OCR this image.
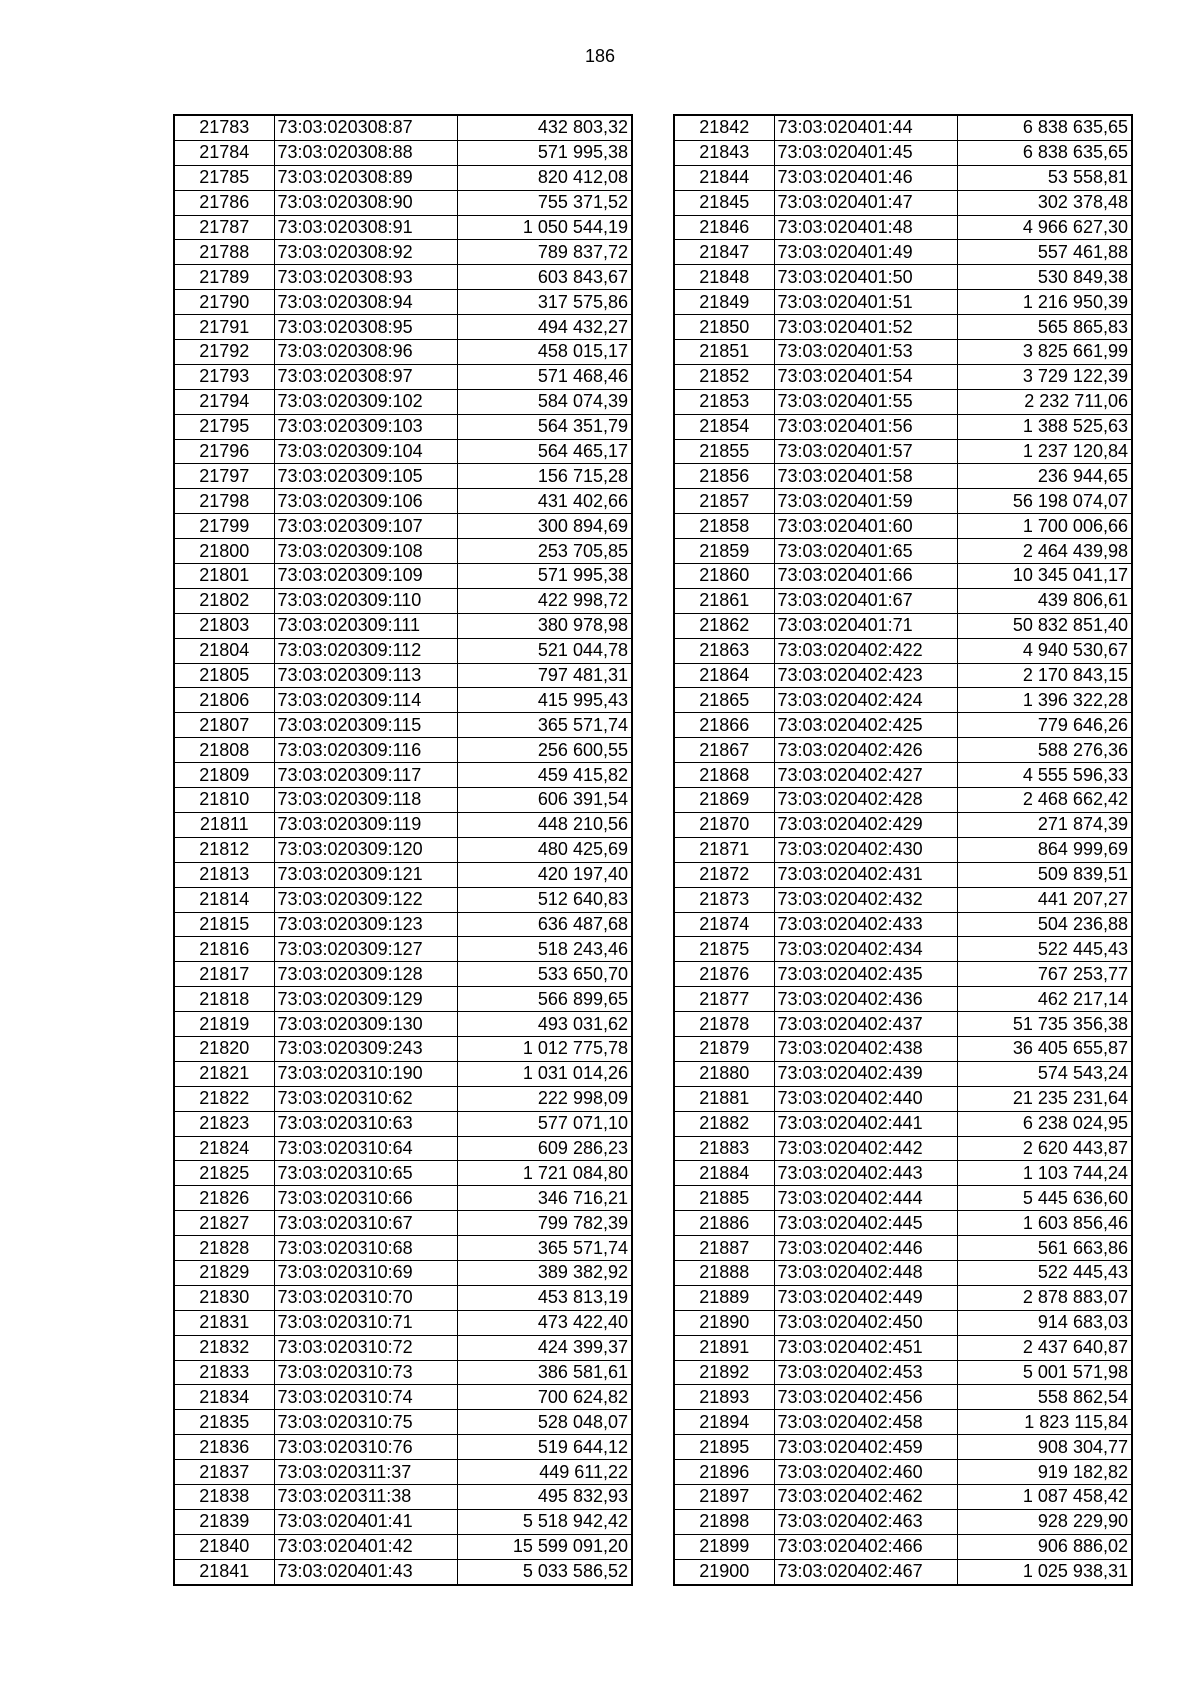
186
21783	73:03:020308:87	432 803,32
21784	73:03:020308:88	571 995,38
21785	73:03:020308:89	820 412,08
21786	73:03:020308:90	755 371,52
21787	73:03:020308:91	1 050 544,19
21788	73:03:020308:92	789 837,72
21789	73:03:020308:93	603 843,67
21790	73:03:020308:94	317 575,86
21791	73:03:020308:95	494 432,27
21792	73:03:020308:96	458 015,17
21793	73:03:020308:97	571 468,46
21794	73:03:020309:102	584 074,39
21795	73:03:020309:103	564 351,79
21796	73:03:020309:104	564 465,17
21797	73:03:020309:105	156 715,28
21798	73:03:020309:106	431 402,66
21799	73:03:020309:107	300 894,69
21800	73:03:020309:108	253 705,85
21801	73:03:020309:109	571 995,38
21802	73:03:020309:110	422 998,72
21803	73:03:020309:111	380 978,98
21804	73:03:020309:112	521 044,78
21805	73:03:020309:113	797 481,31
21806	73:03:020309:114	415 995,43
21807	73:03:020309:115	365 571,74
21808	73:03:020309:116	256 600,55
21809	73:03:020309:117	459 415,82
21810	73:03:020309:118	606 391,54
21811	73:03:020309:119	448 210,56
21812	73:03:020309:120	480 425,69
21813	73:03:020309:121	420 197,40
21814	73:03:020309:122	512 640,83
21815	73:03:020309:123	636 487,68
21816	73:03:020309:127	518 243,46
21817	73:03:020309:128	533 650,70
21818	73:03:020309:129	566 899,65
21819	73:03:020309:130	493 031,62
21820	73:03:020309:243	1 012 775,78
21821	73:03:020310:190	1 031 014,26
21822	73:03:020310:62	222 998,09
21823	73:03:020310:63	577 071,10
21824	73:03:020310:64	609 286,23
21825	73:03:020310:65	1 721 084,80
21826	73:03:020310:66	346 716,21
21827	73:03:020310:67	799 782,39
21828	73:03:020310:68	365 571,74
21829	73:03:020310:69	389 382,92
21830	73:03:020310:70	453 813,19
21831	73:03:020310:71	473 422,40
21832	73:03:020310:72	424 399,37
21833	73:03:020310:73	386 581,61
21834	73:03:020310:74	700 624,82
21835	73:03:020310:75	528 048,07
21836	73:03:020310:76	519 644,12
21837	73:03:020311:37	449 611,22
21838	73:03:020311:38	495 832,93
21839	73:03:020401:41	5 518 942,42
21840	73:03:020401:42	15 599 091,20
21841	73:03:020401:43	5 033 586,52
21842	73:03:020401:44	6 838 635,65
21843	73:03:020401:45	6 838 635,65
21844	73:03:020401:46	53 558,81
21845	73:03:020401:47	302 378,48
21846	73:03:020401:48	4 966 627,30
21847	73:03:020401:49	557 461,88
21848	73:03:020401:50	530 849,38
21849	73:03:020401:51	1 216 950,39
21850	73:03:020401:52	565 865,83
21851	73:03:020401:53	3 825 661,99
21852	73:03:020401:54	3 729 122,39
21853	73:03:020401:55	2 232 711,06
21854	73:03:020401:56	1 388 525,63
21855	73:03:020401:57	1 237 120,84
21856	73:03:020401:58	236 944,65
21857	73:03:020401:59	56 198 074,07
21858	73:03:020401:60	1 700 006,66
21859	73:03:020401:65	2 464 439,98
21860	73:03:020401:66	10 345 041,17
21861	73:03:020401:67	439 806,61
21862	73:03:020401:71	50 832 851,40
21863	73:03:020402:422	4 940 530,67
21864	73:03:020402:423	2 170 843,15
21865	73:03:020402:424	1 396 322,28
21866	73:03:020402:425	779 646,26
21867	73:03:020402:426	588 276,36
21868	73:03:020402:427	4 555 596,33
21869	73:03:020402:428	2 468 662,42
21870	73:03:020402:429	271 874,39
21871	73:03:020402:430	864 999,69
21872	73:03:020402:431	509 839,51
21873	73:03:020402:432	441 207,27
21874	73:03:020402:433	504 236,88
21875	73:03:020402:434	522 445,43
21876	73:03:020402:435	767 253,77
21877	73:03:020402:436	462 217,14
21878	73:03:020402:437	51 735 356,38
21879	73:03:020402:438	36 405 655,87
21880	73:03:020402:439	574 543,24
21881	73:03:020402:440	21 235 231,64
21882	73:03:020402:441	6 238 024,95
21883	73:03:020402:442	2 620 443,87
21884	73:03:020402:443	1 103 744,24
21885	73:03:020402:444	5 445 636,60
21886	73:03:020402:445	1 603 856,46
21887	73:03:020402:446	561 663,86
21888	73:03:020402:448	522 445,43
21889	73:03:020402:449	2 878 883,07
21890	73:03:020402:450	914 683,03
21891	73:03:020402:451	2 437 640,87
21892	73:03:020402:453	5 001 571,98
21893	73:03:020402:456	558 862,54
21894	73:03:020402:458	1 823 115,84
21895	73:03:020402:459	908 304,77
21896	73:03:020402:460	919 182,82
21897	73:03:020402:462	1 087 458,42
21898	73:03:020402:463	928 229,90
21899	73:03:020402:466	906 886,02
21900	73:03:020402:467	1 025 938,31
